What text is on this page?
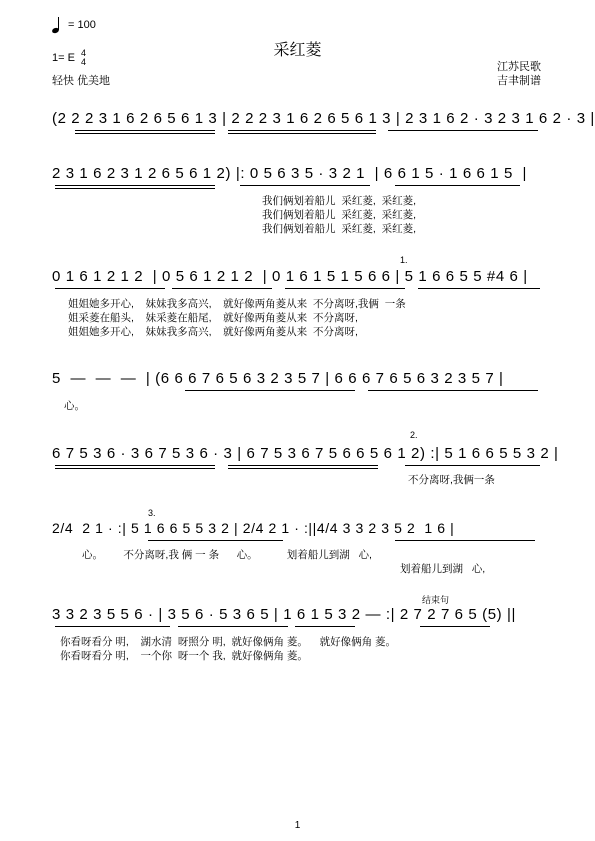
= 100
采红菱
1= E 4
4
轻快 优美地
江苏民歌
吉聿制谱
(2 2 2 3 1 6 2 6 5 6 1 3 | 2 2 2 3 1 6 2 6 5 6 1 3 | 2 3 1 6 2 · 3 2 3 1 6 2 · 3 |
2 3 1 6 2 3 1 2 6 5 6 1 2) |: 0 5 6 3 5 · 3 2 1  | 6 6 1 5 · 1 6 6 1 5  |
我们俩划着船儿  采红菱,  采红菱,
我们俩划着船儿  采红菱,  采红菱,
我们俩划着船儿  采红菱,  采红菱,
1.
0 1 6 1 2 1 2  | 0 5 6 1 2 1 2  | 0 1 6 1 5 1 5 6 6 | 5 1 6 6 5 5 #4 6 |
姐姐她多开心,    妹妹我多高兴,    就好像两角菱从来  不分离呀,我俩  一条
姐采菱在船头,    妹采菱在船尾,    就好像两角菱从来  不分离呀,
姐姐她多开心,    妹妹我多高兴,    就好像两角菱从来  不分离呀,
5  —  —  —  | (6 6 6 7 6 5 6 3 2 3 5 7 | 6 6 6 7 6 5 6 3 2 3 5 7 |
心。
2.
6 7 5 3 6 · 3 6 7 5 3 6 · 3 | 6 7 5 3 6 7 5 6 6 5 6 1 2) :| 5 1 6 6 5 5 3 2 |
不分离呀,我俩一条
3.
2/4  2 1 · :| 5 1 6 6 5 5 3 2 | 2/4 2 1 · :||4/4 3 3 2 3 5 2  1 6 |
心。       不分离呀,我 俩 一 条      心。          划着船儿到湖   心,
划着船儿到湖   心,
结束句
3 3 2 3 5 5 6 · | 3 5 6 · 5 3 6 5 | 1 6 1 5 3 2 — :| 2 7 2 7 6 5 (5) ||
你看呀看分 明,    湖水清  呀照分 明,  就好像俩角 菱。    就好像俩角 菱。
你看呀看分 明,    一个你  呀一个 我,  就好像俩角 菱。
1
